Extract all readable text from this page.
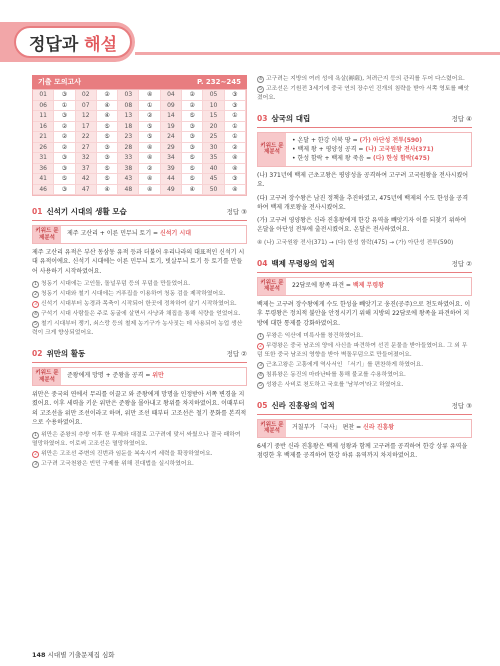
정답과 해설
기출 모의고사	P. 232~245
01	③	02	②	03	④	04	②	05	③
06	①	07	④	08	①	09	②	10	③
11	③	12	④	13	②	14	⑤	15	①
16	②	17	⑤	18	⑤	19	③	20	①
21	②	22	⑤	23	⑤	24	③	25	①
26	②	27	③	28	④	29	③	30	②
31	③	32	③	33	④	34	⑤	35	④
36	③	37	⑤	38	②	39	⑤	40	④
41	⑤	42	⑤	43	④	44	⑤	45	③
46	③	47	④	48	④	49	④	50	④
01 신석기 시대의 생활 모습	정답 ③
키워드 문제분석
제주 고산리 + 이른 민무늬 토기 = 신석기 시대
제주 고산리 유적은 부산 동삼동 유적 등과 더불어 우리나라의 대표적인 신석기 시대 유적이에요. 신석기 시대에는 이른 민무늬 토기, 빗살무늬 토기 등 토기를 만들어 사용하기 시작하였어요.
1 청동기 시대에는 고인돌, 돌널무덤 등의 무덤을 만들었어요.
2 청동기 시대와 철기 시대에는 거푸집을 이용하여 청동 검을 제작하였어요.
3 신석기 시대부터 농경과 목축이 시작되어 한곳에 정착하여 살기 시작하였어요.
4 구석기 시대 사람들은 주로 동굴에 살면서 사냥과 채집을 통해 식량을 얻었어요.
5 철기 시대부터 쟁기, 쇠스랑 등의 철제 농기구가 농사짓는 데 사용되어 농업 생산력이 크게 향상되었어요.
02 위만의 활동	정답 ②
키워드 문제분석
준왕에게 망명 + 준왕을 공격 = 위만
위만은 중국의 연에서 무리를 이끌고 와 준왕에게 망명을 인정받아 서쪽 변경을 지켰어요. 이후 세력을 키운 위만은 준왕을 몰아내고 왕위를 차지하였어요. 이때부터의 고조선을 위만 조선이라고 하며, 위만 조선 때부터 고조선은 철기 문화를 본격적으로 수용하였어요.
1 위만은 준왕의 추방 이후 한 무제와 대결로 고구려에 맞서 싸웠으나 결국 패하여 멸망하였어요. 이로써 고조선은 멸망하였어요.
2 위만은 고조선 주변의 진번과 임둔을 복속시켜 세력을 확장하였어요.
3 고구려 고국천왕은 빈민 구제를 위해 진대법을 실시하였어요.
4 고구려는 지방의 여러 성에 욕살(褥薩), 처려근지 등의 관리를 두어 다스렸어요.
5 고조선은 기원전 3세기에 중국 연의 장수인 진개의 침략을 받아 서쪽 영토를 빼앗겼어요.
03 삼국의 대립	정답 ④
키워드 문제분석
• 온달 + 한강 이북 땅 = (가) 아단성 전투(590)
• 백제 왕 + 평양성 공격 = (나) 고국원왕 전사(371)
• 한성 함락 + 백제 왕 죽음 = (다) 한성 함락(475)
(나) 371년에 백제 근초고왕은 평양성을 공격하여 고구려 고국원왕을 전사시켰어요.
(다) 고구려 장수왕은 남진 정책을 추진하였고, 475년에 백제의 수도 한성을 공격하여 백제 개로왕을 전사시켰어요.
(가) 고구려 영양왕은 신라 진흥왕에게 한강 유역을 빼앗기자 이를 되찾기 위하여 온달을 아단성 전투에 출전시켰어요. 온달은 전사하였어요.
④ (나) 고국원왕 전사(371) → (다) 한성 함락(475) → (가) 아단성 전투(590)
04 백제 무령왕의 업적	정답 ②
키워드 문제분석
22담로에 왕족 파견 = 백제 무령왕
백제는 고구려 장수왕에게 수도 한성을 빼앗기고 웅진(공주)으로 천도하였어요. 이후 무령왕은 정치적 불안을 안정시키기 위해 지방의 22담로에 왕족을 파견하여 지방에 대한 통제를 강화하였어요.
1 무왕은 익산에 미륵사를 창건하였어요.
2 무령왕은 중국 남조의 양에 사신을 파견하여 선진 문물을 받아들였어요. 그 외 무덤 또한 중국 남조의 영향을 받아 벽돌무덤으로 만들어졌어요.
3 근초고왕은 고흥에게 역사서인 「서기」를 편찬하게 하였어요.
4 침류왕은 동진의 마라난타를 통해 불교를 수용하였어요.
5 성왕은 사비로 천도하고 국호를 '남부여'라고 하였어요.
05 신라 진흥왕의 업적	정답 ③
키워드 문제분석
거칠부가 「국사」 편찬 = 신라 진흥왕
6세기 중반 신라 진흥왕은 백제 성왕과 함께 고구려를 공격하여 한강 상류 유역을 점령한 후 백제를 공격하여 한강 하류 유역까지 차지하였어요.
148 시대별 기출문제집 심화
